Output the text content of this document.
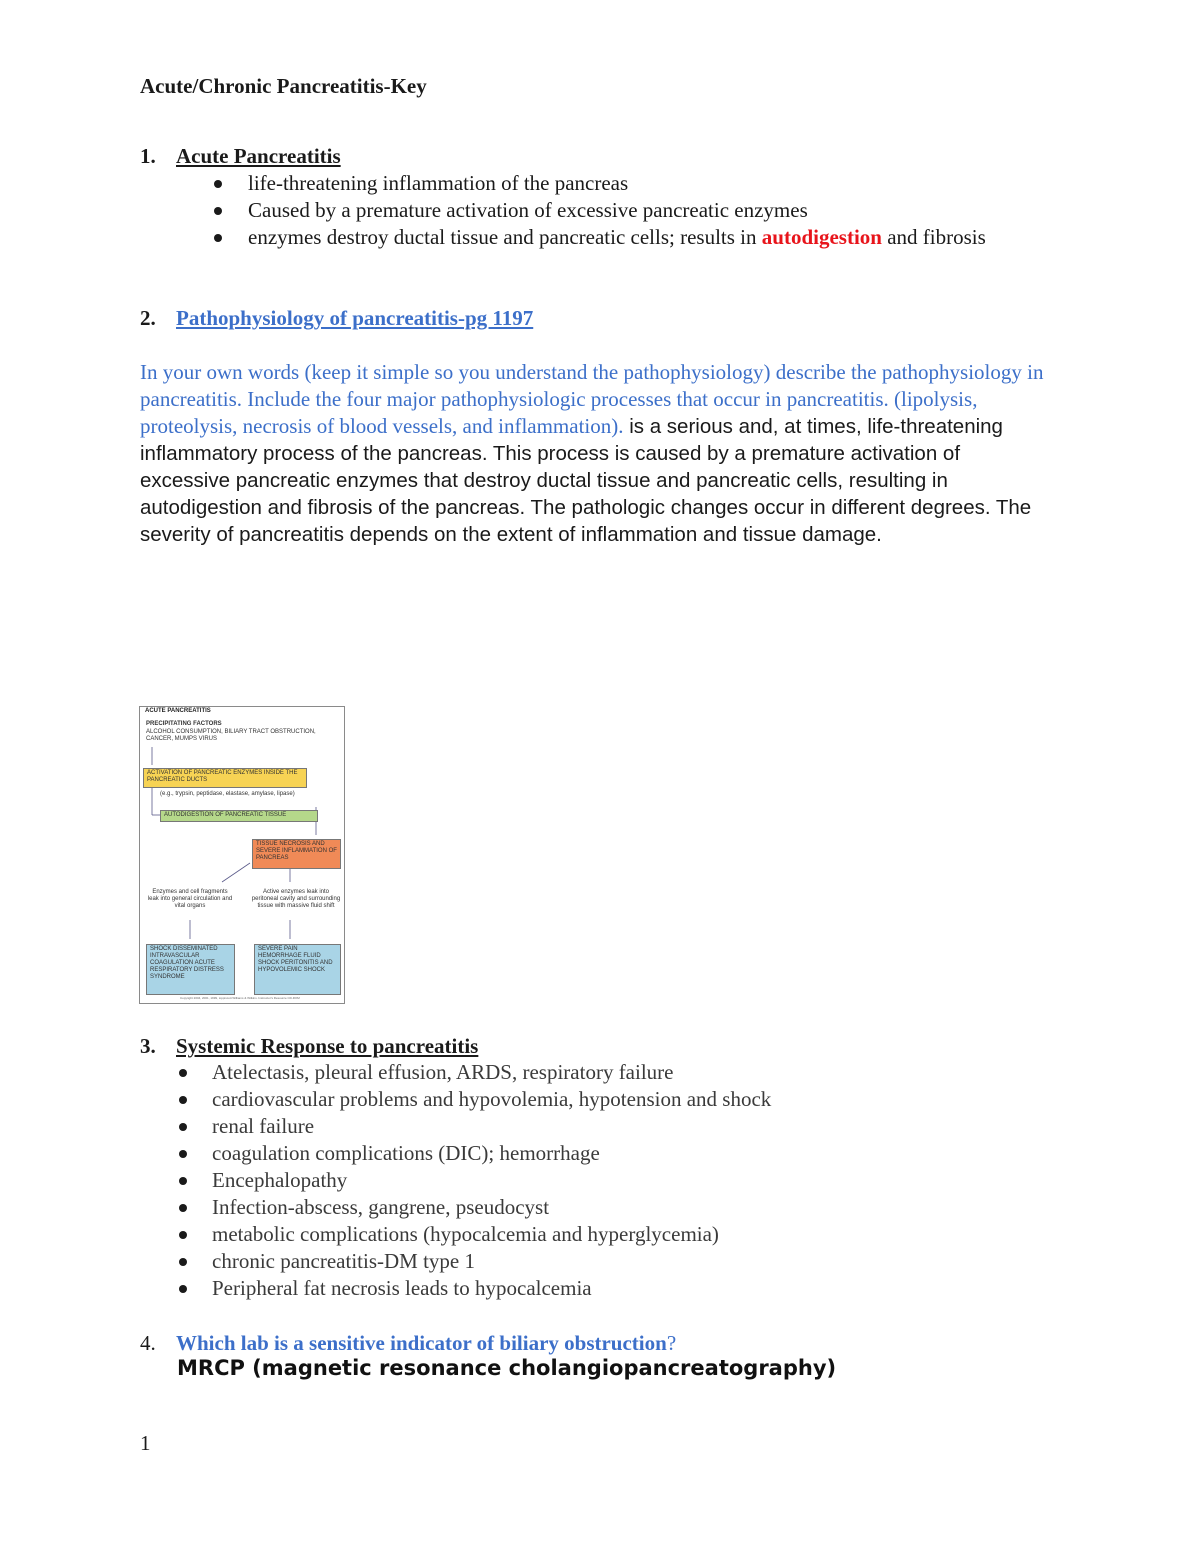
Acute/Chronic Pancreatitis-Key
1. Acute Pancreatitis
life-threatening inflammation of the pancreas
Caused by a premature activation of excessive pancreatic enzymes
enzymes destroy ductal tissue and pancreatic cells; results in autodigestion and fibrosis
2. Pathophysiology of pancreatitis-pg 1197
In your own words (keep it simple so you understand the pathophysiology) describe the pathophysiology in pancreatitis. Include the four major pathophysiologic processes that occur in pancreatitis. (lipolysis, proteolysis, necrosis of blood vessels, and inflammation). is a serious and, at times, life-threatening inflammatory process of the pancreas. This process is caused by a premature activation of excessive pancreatic enzymes that destroy ductal tissue and pancreatic cells, resulting in autodigestion and fibrosis of the pancreas. The pathologic changes occur in different degrees. The severity of pancreatitis depends on the extent of inflammation and tissue damage.
ACUTE PANCREATITIS
PRECIPITATING FACTORS
ALCOHOL CONSUMPTION, BILIARY TRACT OBSTRUCTION, CANCER, MUMPS VIRUS
ACTIVATION OF PANCREATIC ENZYMES INSIDE THE PANCREATIC DUCTS
(e.g., trypsin, peptidase, elastase, amylase, lipase)
AUTODIGESTION OF PANCREATIC TISSUE
TISSUE NECROSIS AND SEVERE INFLAMMATION OF PANCREAS
Enzymes and cell fragments leak into general circulation and vital organs
Active enzymes leak into peritoneal cavity and surrounding tissue with massive fluid shift
SHOCK DISSEMINATED INTRAVASCULAR COAGULATION ACUTE RESPIRATORY DISTRESS SYNDROME
SEVERE PAIN HEMORRHAGE FLUID SHOCK PERITONITIS AND HYPOVOLEMIC SHOCK
Copyright 2004, 2001, 1999, Lippincott Williams & Wilkins. Instructor's Resource CD-ROM
3. Systemic Response to pancreatitis
Atelectasis, pleural effusion, ARDS, respiratory failure
cardiovascular problems and hypovolemia, hypotension and shock
renal failure
coagulation complications (DIC); hemorrhage
Encephalopathy
Infection-abscess, gangrene, pseudocyst
metabolic complications (hypocalcemia and hyperglycemia)
chronic pancreatitis-DM type 1
Peripheral fat necrosis leads to hypocalcemia
4. Which lab is a sensitive indicator of biliary obstruction?
MRCP (magnetic resonance cholangiopancreatography)
1
